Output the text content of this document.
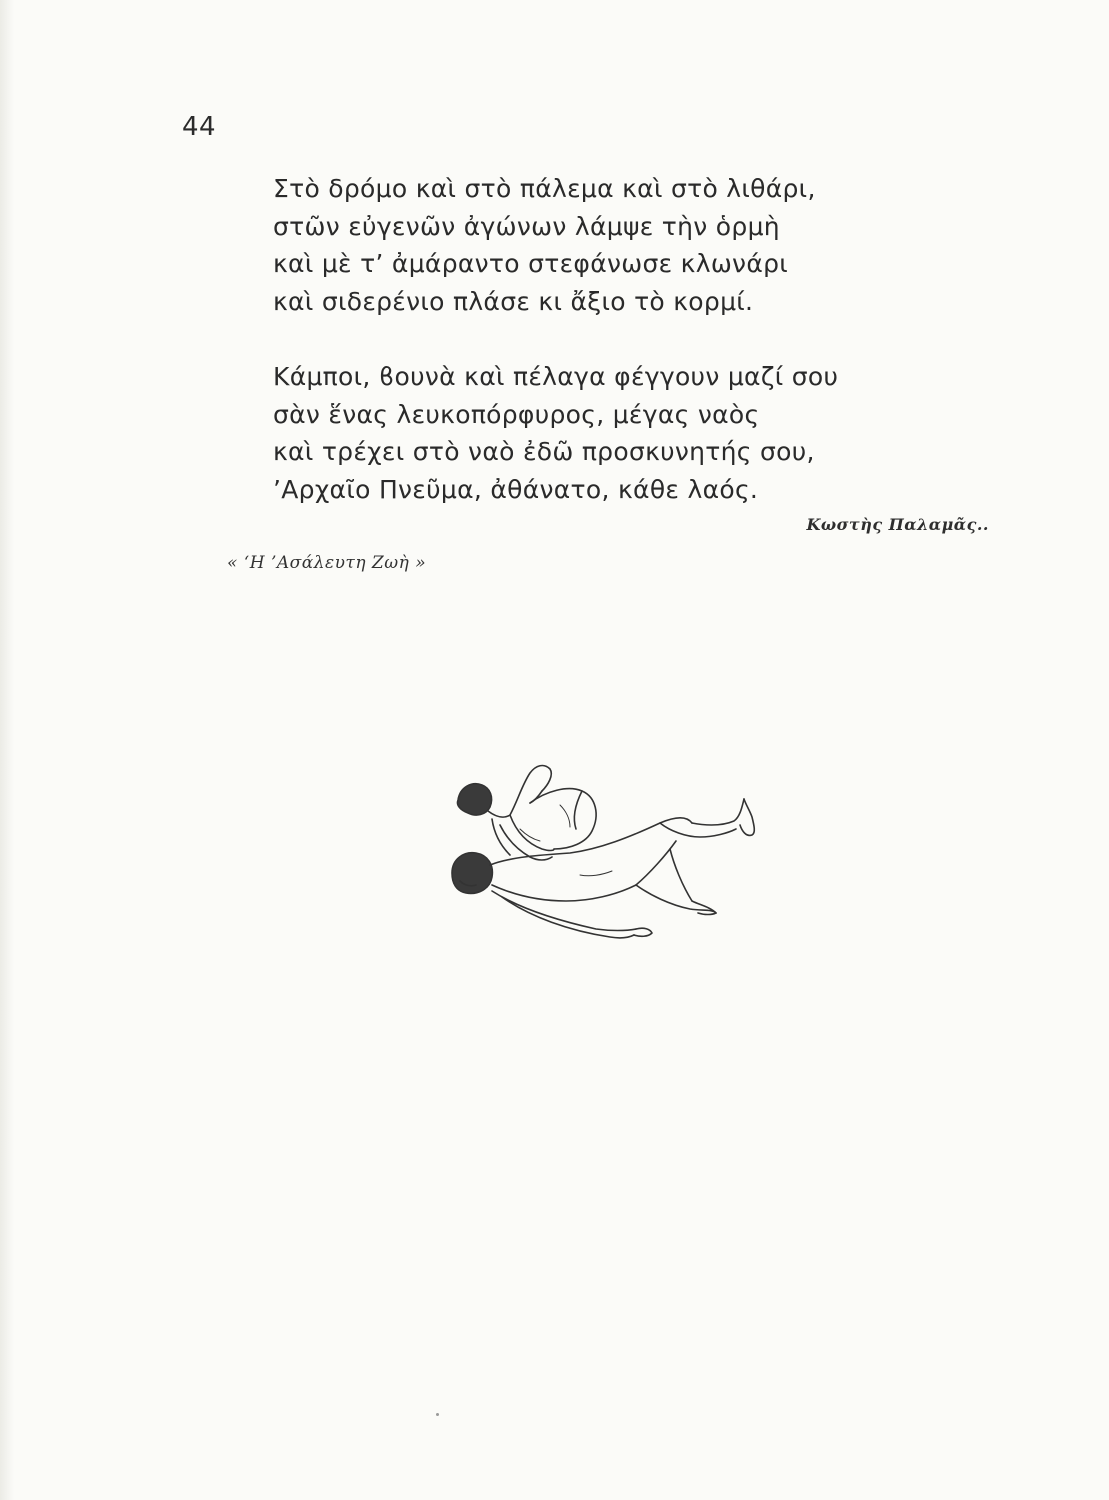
44
Στὸ δρόμο καὶ στὸ πάλεμα καὶ στὸ λιθάρι,
στῶν εὐγενῶν ἀγώνων λάμψε τὴν ὁρμὴ
καὶ μὲ τ’ ἀμάραντο στεφάνωσε κλωνάρι
καὶ σιδερένιο πλάσε κι ἄξιο τὸ κορμί.
Κάμποι, ϐουνὰ καὶ πέλαγα φέγγουν μαζί σου
σὰν ἕνας λευκοπόρφυρος, μέγας ναὸς
καὶ τρέχει στὸ ναὸ ἐδῶ προσκυνητής σου,
’Αρχαῖο Πνεῦμα, ἀθάνατο, κάθε λαός.
Κωστὴς Παλαμᾶς..
« ‘Η ’Ασάλευτη Ζωὴ »
